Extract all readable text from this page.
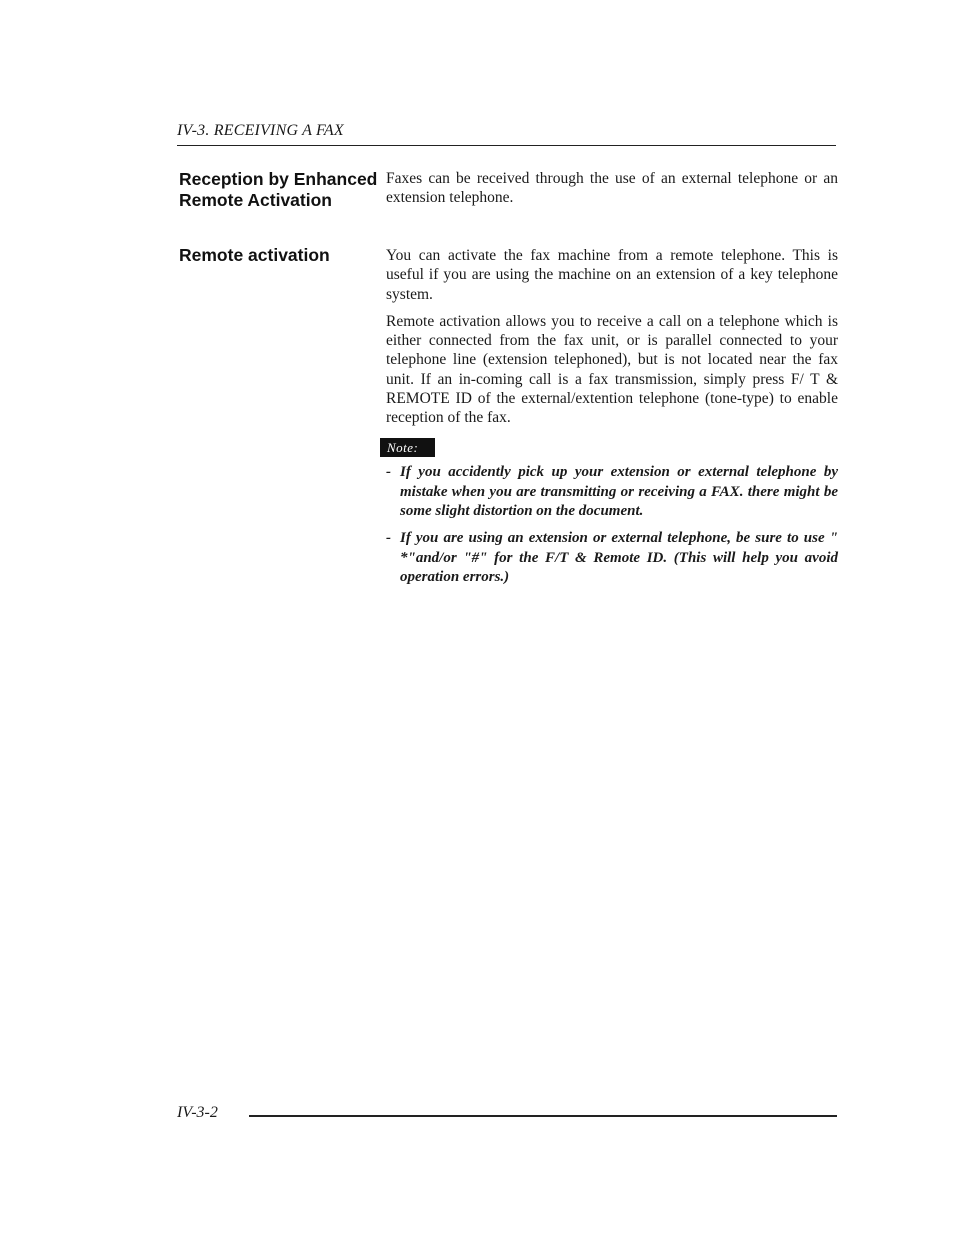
IV-3. RECEIVING A FAX
Reception by Enhanced
Remote Activation

Faxes can be received through the use of an external telephone or an extension telephone.

Remote activation	You can activate the fax machine from a remote telephone. This is useful if you are using the machine on an extension of a key telephone system.

Remote activation allows you to receive a call on a telephone which is either connected from the fax unit, or is parallel connected to your telephone line (extension telephoned), but is not located near the fax unit. If an in-coming call is a fax transmission, simply press F/ T & REMOTE ID of the external/extention telephone (tone-type) to enable reception of the fax.

Note:
- If you accidently pick up your extension or external telephone by mistake when you are transmitting or receiving a FAX. there might be some slight distortion on the document.
- If you are using an extension or external telephone, be sure to use " *"and/or "#" for the F/T & Remote ID. (This will help you avoid operation errors.)
IV-3-2
